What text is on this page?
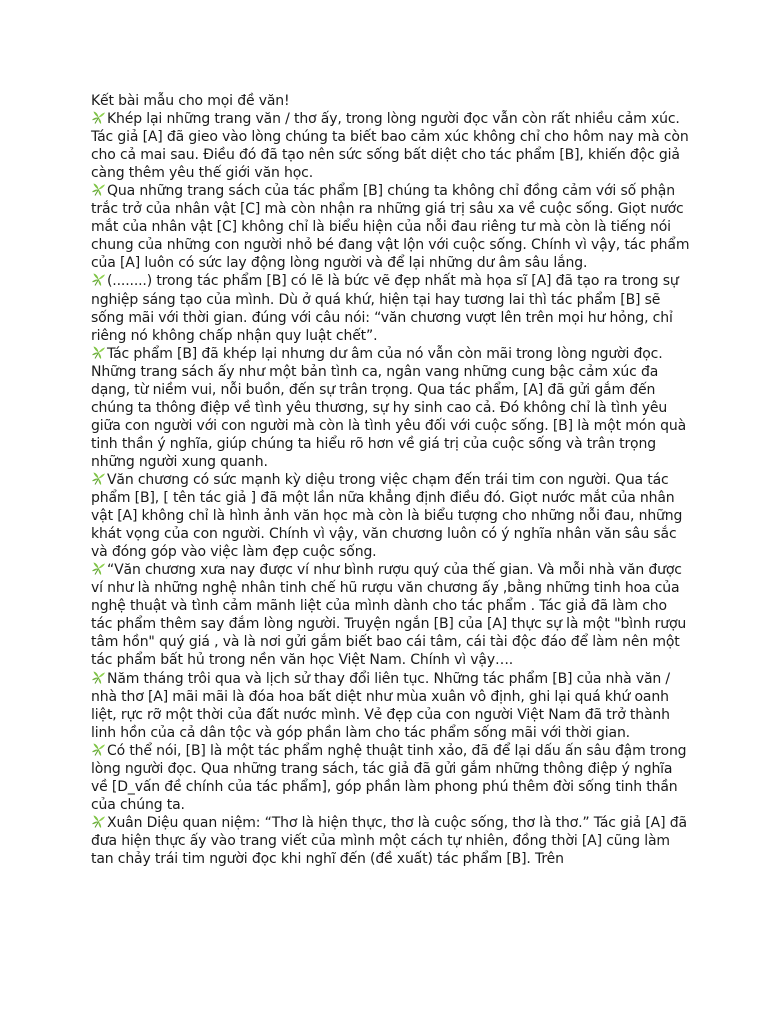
Kết bài mẫu cho mọi đề văn!

Khép lại những trang văn / thơ ấy, trong lòng người đọc vẫn còn rất nhiều cảm xúc. Tác giả [A] đã gieo vào lòng chúng ta biết bao cảm xúc không chỉ cho hôm nay mà còn cho cả mai sau. Điều đó đã tạo nên sức sống bất diệt cho tác phẩm [B], khiến độc giả càng thêm yêu thế giới văn học.

Qua những trang sách của tác phẩm [B] chúng ta không chỉ đồng cảm với số phận trắc trở của nhân vật [C] mà còn nhận ra những giá trị sâu xa về cuộc sống. Giọt nước mắt của nhân vật [C] không chỉ là biểu hiện của nỗi đau riêng tư mà còn là tiếng nói chung của những con người nhỏ bé đang vật lộn với cuộc sống. Chính vì vậy, tác phẩm của [A] luôn có sức lay động lòng người và để lại những dư âm sâu lắng.

(........) trong tác phẩm [B] có lẽ là bức vẽ đẹp nhất mà họa sĩ [A] đã tạo ra trong sự nghiệp sáng tạo của mình. Dù ở quá khứ, hiện tại hay tương lai thì tác phẩm [B] sẽ sống mãi với thời gian. đúng với câu nói: “văn chương vượt lên trên mọi hư hỏng, chỉ riêng nó không chấp nhận quy luật chết”.

Tác phẩm [B] đã khép lại nhưng dư âm của nó vẫn còn mãi trong lòng người đọc. Những trang sách ấy như một bản tình ca, ngân vang những cung bậc cảm xúc đa dạng, từ niềm vui, nỗi buồn, đến sự trân trọng. Qua tác phẩm, [A] đã gửi gắm đến chúng ta thông điệp về tình yêu thương, sự hy sinh cao cả. Đó không chỉ là tình yêu giữa con người với con người mà còn là tình yêu đối với cuộc sống. [B] là một món quà tinh thần ý nghĩa, giúp chúng ta hiểu rõ hơn về giá trị của cuộc sống và trân trọng những người xung quanh.

Văn chương có sức mạnh kỳ diệu trong việc chạm đến trái tim con người. Qua tác phẩm [B], [ tên tác giả ] đã một lần nữa khẳng định điều đó. Giọt nước mắt của nhân vật [A] không chỉ là hình ảnh văn học mà còn là biểu tượng cho những nỗi đau, những khát vọng của con người. Chính vì vậy, văn chương luôn có ý nghĩa nhân văn sâu sắc và đóng góp vào việc làm đẹp cuộc sống.

“Văn chương xưa nay được ví như bình rượu quý của thế gian. Và mỗi nhà văn được ví như là những nghệ nhân tinh chế hũ rượu văn chương ấy ,bằng những tinh hoa của nghệ thuật và tình cảm mãnh liệt của mình dành cho tác phẩm . Tác giả đã làm cho tác phẩm thêm say đắm lòng người. Truyện ngắn [B] của [A] thực sự là một "bình rượu tâm hồn" quý giá , và là nơi gửi gắm biết bao cái tâm, cái tài độc đáo để làm nên một tác phẩm bất hủ trong nền văn học Việt Nam. Chính vì vậy….

Năm tháng trôi qua và lịch sử thay đổi liên tục. Những tác phẩm [B] của nhà văn / nhà thơ [A] mãi mãi là đóa hoa bất diệt như mùa xuân vô định, ghi lại quá khứ oanh liệt, rực rỡ một thời của đất nước mình. Vẻ đẹp của con người Việt Nam đã trở thành linh hồn của cả dân tộc và góp phần làm cho tác phẩm sống mãi với thời gian.

Có thể nói, [B] là một tác phẩm nghệ thuật tinh xảo, đã để lại dấu ấn sâu đậm trong lòng người đọc. Qua những trang sách, tác giả đã gửi gắm những thông điệp ý nghĩa về [D_vấn đề chính của tác phẩm], góp phần làm phong phú thêm đời sống tinh thần của chúng ta.

Xuân Diệu quan niệm: “Thơ là hiện thực, thơ là cuộc sống, thơ là thơ.” Tác giả [A] đã đưa hiện thực ấy vào trang viết của mình một cách tự nhiên, đồng thời [A] cũng làm tan chảy trái tim người đọc khi nghĩ đến (đề xuất) tác phẩm [B]. Trên
